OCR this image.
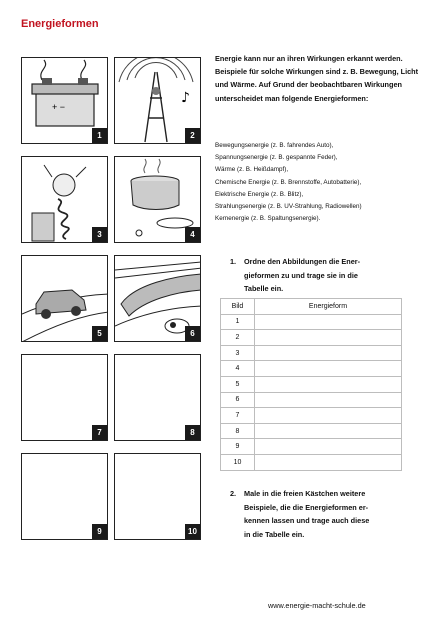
Energieformen
+ −
1
♪
2
3	4
5	6
7	8
9	10

Energie kann nur an ihren Wirkungen erkannt werden. Beispiele für solche Wirkungen sind z. B. Bewegung, Licht und Wärme. Auf Grund der beobachtbaren Wirkungen unterscheidet man folgende Energieformen:

Bewegungsenergie (z. B. fahrendes Auto),
Spannungsenergie (z. B. gespannte Feder),
Wärme (z. B. Heißdampf),
Chemische Energie (z. B. Brennstoffe, Autobatterie),
Elektrische Energie (z. B. Blitz),
Strahlungsenergie (z. B. UV-Strahlung, Radiowellen)
Kernenergie (z. B. Spaltungsenergie).
1. Ordne den Abbildungen die Ener-
gieformen zu und trage sie in die
Tabelle ein.
Bild	Energieform
1	
2	
3	
4	
5	
6	
7	
8	
9	
10	
2. Male in die freien Kästchen weitere
Beispiele, die die Energieformen er-
kennen lassen und trage auch diese
in die Tabelle ein.
www.energie-macht-schule.de
